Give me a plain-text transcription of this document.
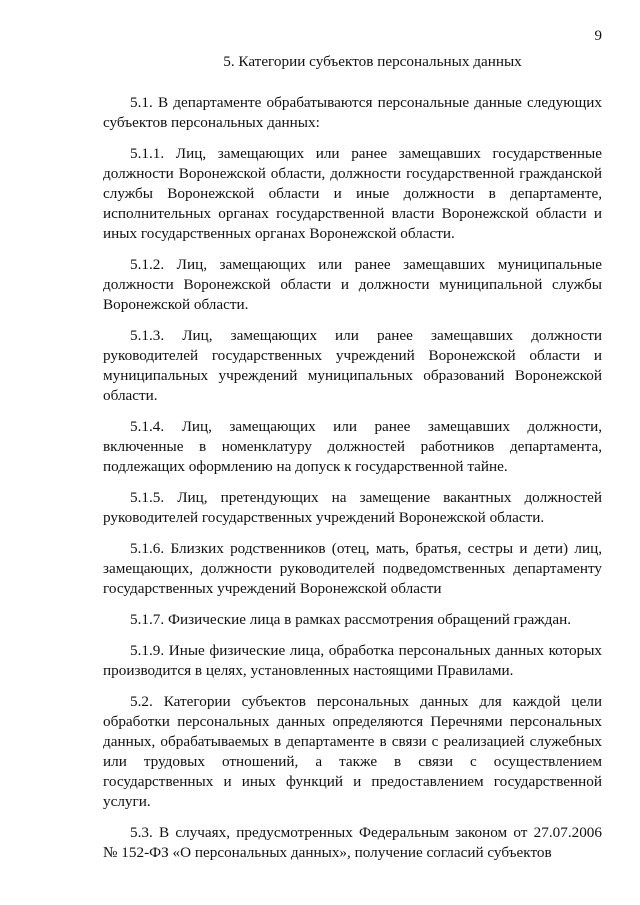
9
5. Категории субъектов персональных данных

5.1. В департаменте обрабатываются персональные данные следующих субъектов персональных данных:

5.1.1. Лиц, замещающих или ранее замещавших государственные должности Воронежской области, должности государственной гражданской службы Воронежской области и иные должности в департаменте, исполнительных органах государственной власти Воронежской области и иных государственных органах Воронежской области.

5.1.2. Лиц, замещающих или ранее замещавших муниципальные должности Воронежской области и должности муниципальной службы Воронежской области.

5.1.3. Лиц, замещающих или ранее замещавших должности руководителей государственных учреждений Воронежской области и муниципальных учреждений муниципальных образований Воронежской области.

5.1.4. Лиц, замещающих или ранее замещавших должности, включенные в номенклатуру должностей работников департамента, подлежащих оформлению на допуск к государственной тайне.

5.1.5. Лиц, претендующих на замещение вакантных должностей руководителей государственных учреждений Воронежской области.

5.1.6. Близких родственников (отец, мать, братья, сестры и дети) лиц, замещающих, должности руководителей подведомственных департаменту государственных учреждений Воронежской области

5.1.7. Физические лица в рамках рассмотрения обращений граждан.

5.1.9. Иные физические лица, обработка персональных данных которых производится в целях, установленных настоящими Правилами.

5.2. Категории субъектов персональных данных для каждой цели обработки персональных данных определяются Перечнями персональных данных, обрабатываемых в департаменте в связи с реализацией служебных или трудовых отношений, а также в связи с осуществлением государственных и иных функций и предоставлением государственной услуги.

5.3. В случаях, предусмотренных Федеральным законом от 27.07.2006 № 152-ФЗ «О персональных данных», получение согласий субъектов
